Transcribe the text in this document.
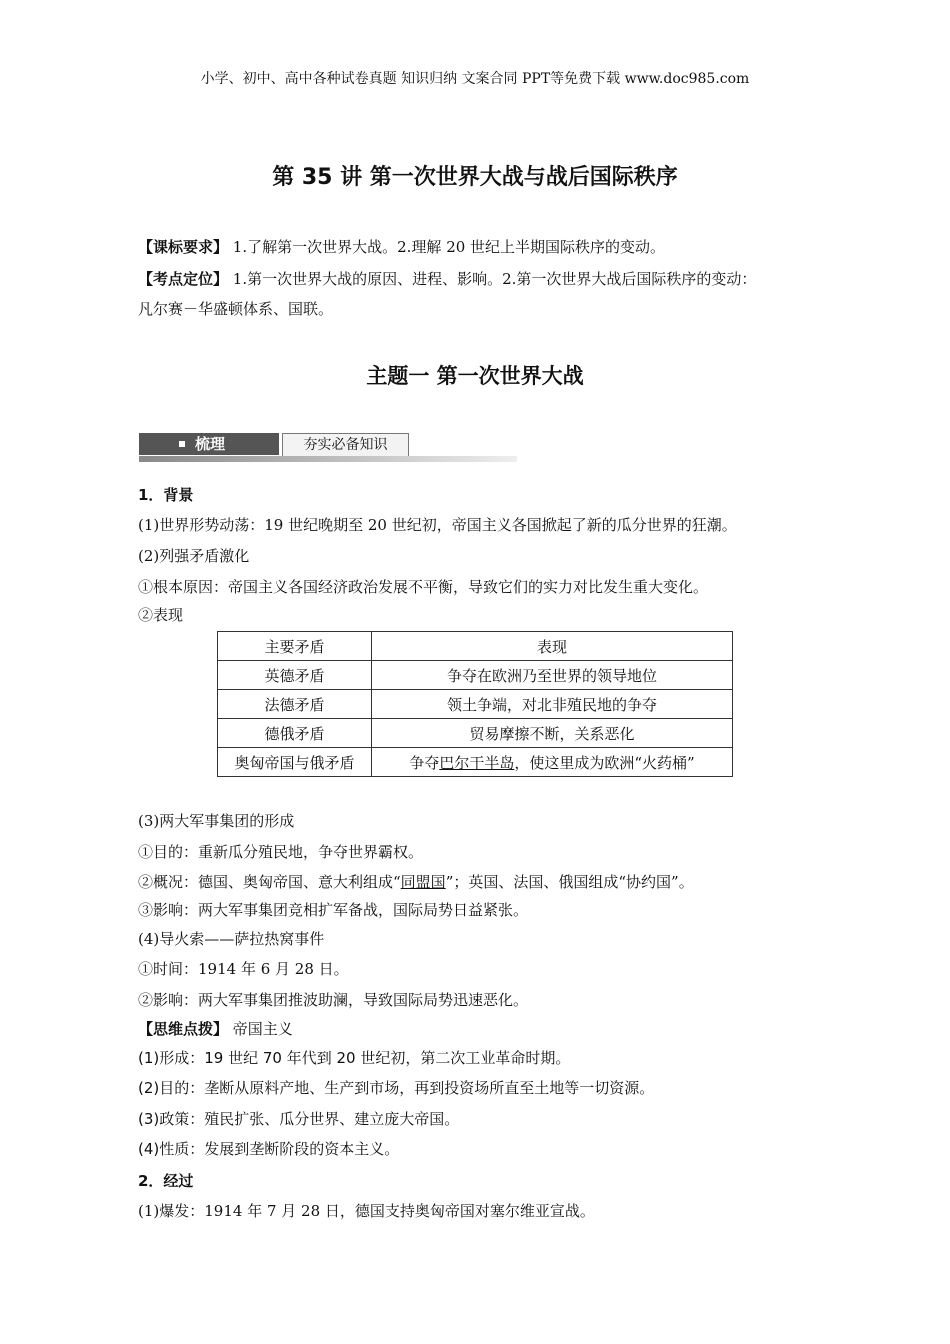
小学、初中、高中各种试卷真题 知识归纳 文案合同 PPT等免费下载 www.doc985.com
第 35 讲 第一次世界大战与战后国际秩序
【课标要求】 1.了解第一次世界大战。2.理解 20 世纪上半期国际秩序的变动。
【考点定位】 1.第一次世界大战的原因、进程、影响。2.第一次世界大战后国际秩序的变动：
凡尔赛－华盛顿体系、国联。
主题一 第一次世界大战
梳理	夯实必备知识
1．背景
(1)世界形势动荡：19 世纪晚期至 20 世纪初，帝国主义各国掀起了新的瓜分世界的狂潮。
(2)列强矛盾激化
①根本原因：帝国主义各国经济政治发展不平衡，导致它们的实力对比发生重大变化。
②表现
主要矛盾	表现
英德矛盾	争夺在欧洲乃至世界的领导地位
法德矛盾	领土争端，对北非殖民地的争夺
德俄矛盾	贸易摩擦不断，关系恶化
奥匈帝国与俄矛盾	争夺巴尔干半岛，使这里成为欧洲“火药桶”
(3)两大军事集团的形成
①目的：重新瓜分殖民地，争夺世界霸权。
②概况：德国、奥匈帝国、意大利组成“同盟国”；英国、法国、俄国组成“协约国”。
③影响：两大军事集团竞相扩军备战，国际局势日益紧张。
(4)导火索——萨拉热窝事件
①时间：1914 年 6 月 28 日。
②影响：两大军事集团推波助澜，导致国际局势迅速恶化。
【思维点拨】 帝国主义
(1)形成：19 世纪 70 年代到 20 世纪初，第二次工业革命时期。
(2)目的：垄断从原料产地、生产到市场，再到投资场所直至土地等一切资源。
(3)政策：殖民扩张、瓜分世界、建立庞大帝国。
(4)性质：发展到垄断阶段的资本主义。
2．经过
(1)爆发：1914 年 7 月 28 日，德国支持奥匈帝国对塞尔维亚宣战。
